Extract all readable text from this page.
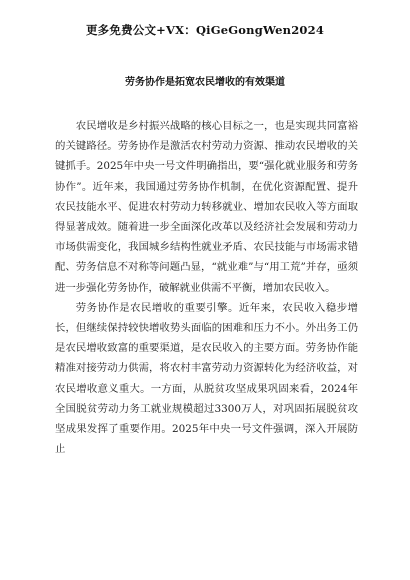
更多免费公文+VX：QiGeGongWen2024
劳务协作是拓宽农民增收的有效渠道

农民增收是乡村振兴战略的核心目标之一，也是实现共同富裕的关键路径。劳务协作是激活农村劳动力资源、推动农民增收的关键抓手。2025年中央一号文件明确指出，要“强化就业服务和劳务协作”。近年来，我国通过劳务协作机制，在优化资源配置、提升农民技能水平、促进农村劳动力转移就业、增加农民收入等方面取得显著成效。随着进一步全面深化改革以及经济社会发展和劳动力市场供需变化，我国城乡结构性就业矛盾、农民技能与市场需求错配、劳务信息不对称等问题凸显，“就业难”与“用工荒”并存，亟须进一步强化劳务协作，破解就业供需不平衡，增加农民收入。

劳务协作是农民增收的重要引擎。近年来，农民收入稳步增长，但继续保持较快增收势头面临的困难和压力不小。外出务工仍是农民增收致富的重要渠道，是农民收入的主要方面。劳务协作能精准对接劳动力供需，将农村丰富劳动力资源转化为经济收益，对农民增收意义重大。一方面，从脱贫攻坚成果巩固来看，2024年全国脱贫劳动力务工就业规模超过3300万人，对巩固拓展脱贫攻坚成果发挥了重要作用。2025年中央一号文件强调，深入开展防止
